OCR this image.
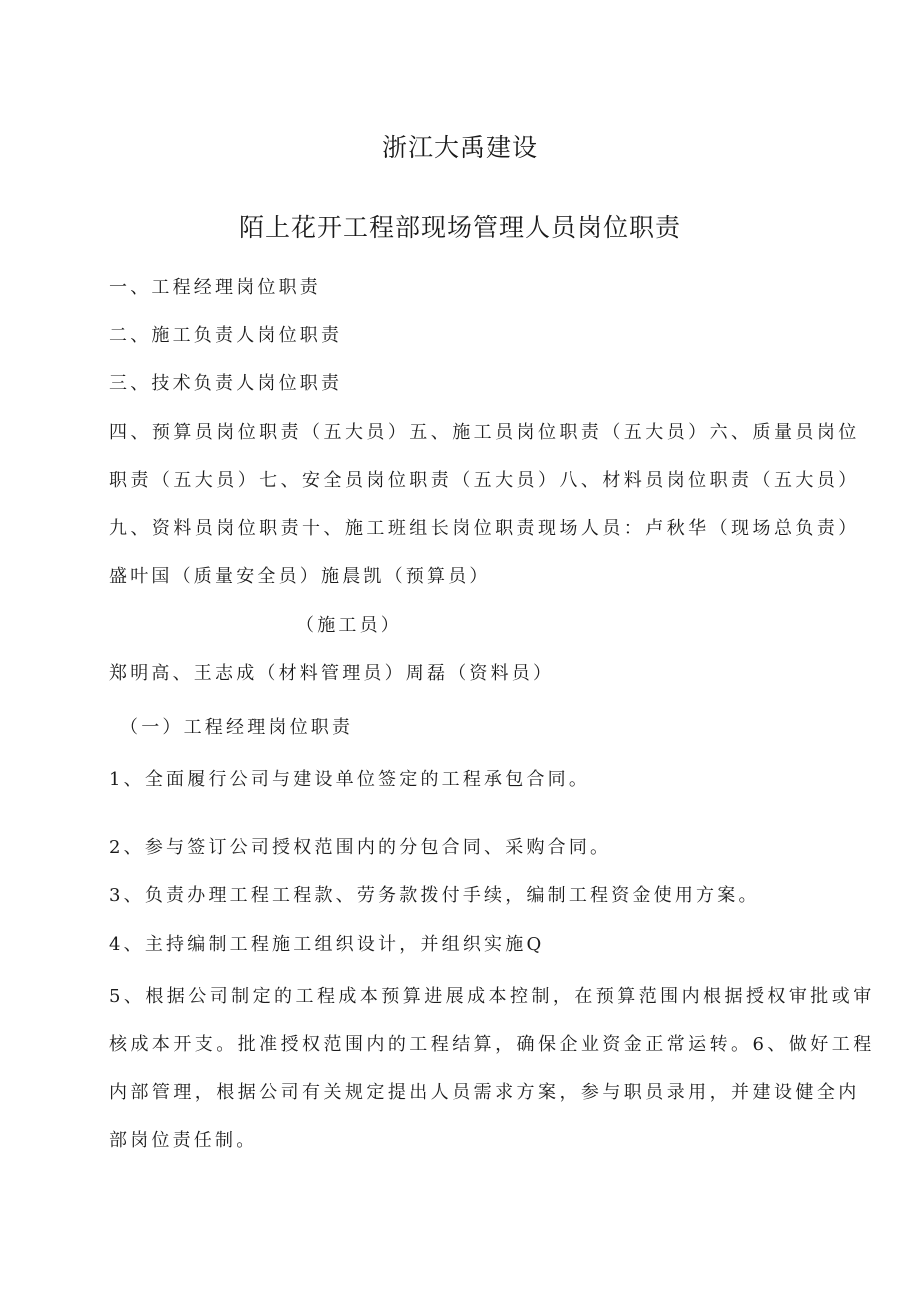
浙江大禹建设
陌上花开工程部现场管理人员岗位职责
一、工程经理岗位职责
二、施工负责人岗位职责
三、技术负责人岗位职责
四、预算员岗位职责（五大员）五、施工员岗位职责（五大员）六、质量员岗位
职责（五大员）七、安全员岗位职责（五大员）八、材料员岗位职责（五大员）
九、资料员岗位职责十、施工班组长岗位职责现场人员：卢秋华（现场总负责）
盛叶国（质量安全员）施晨凯（预算员）
（施工员）
郑明高、王志成（材料管理员）周磊（资料员）
（一）工程经理岗位职责
1、全面履行公司与建设单位签定的工程承包合同。
2、参与签订公司授权范围内的分包合同、采购合同。
3、负责办理工程工程款、劳务款拨付手续，编制工程资金使用方案。
4、主持编制工程施工组织设计，并组织实施Q
5、根据公司制定的工程成本预算进展成本控制，在预算范围内根据授权审批或审
核成本开支。批准授权范围内的工程结算，确保企业资金正常运转。6、做好工程
内部管理，根据公司有关规定提出人员需求方案，参与职员录用，并建设健全内
部岗位责任制。
